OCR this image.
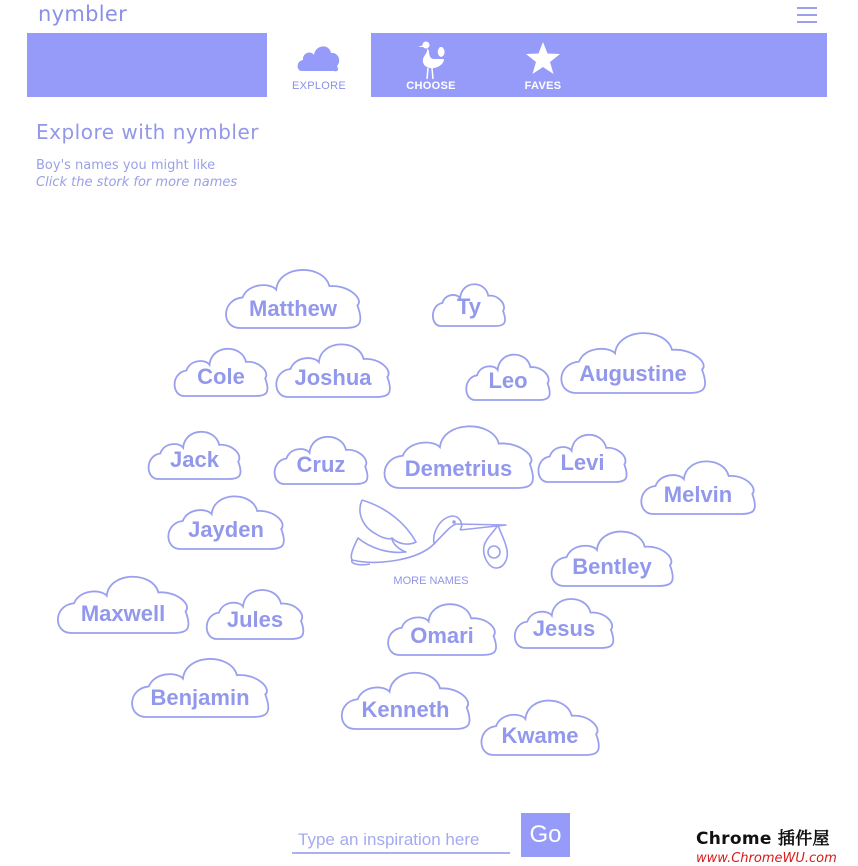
nymbler
EXPLORE	CHOOSE	FAVES
Explore with nymbler
Boy's names you might like
Click the stork for more names
Matthew	Ty
Cole	Joshua	Leo	Augustine
Jack	Cruz	Demetrius	Levi
Melvin
Jayden
Bentley
Maxwell	Jules
Omari	Jesus
Benjamin	Kenneth
Kwame
MORE NAMES
Type an inspiration here
Go	Chrome 插件屋
www.ChromeWU.com
